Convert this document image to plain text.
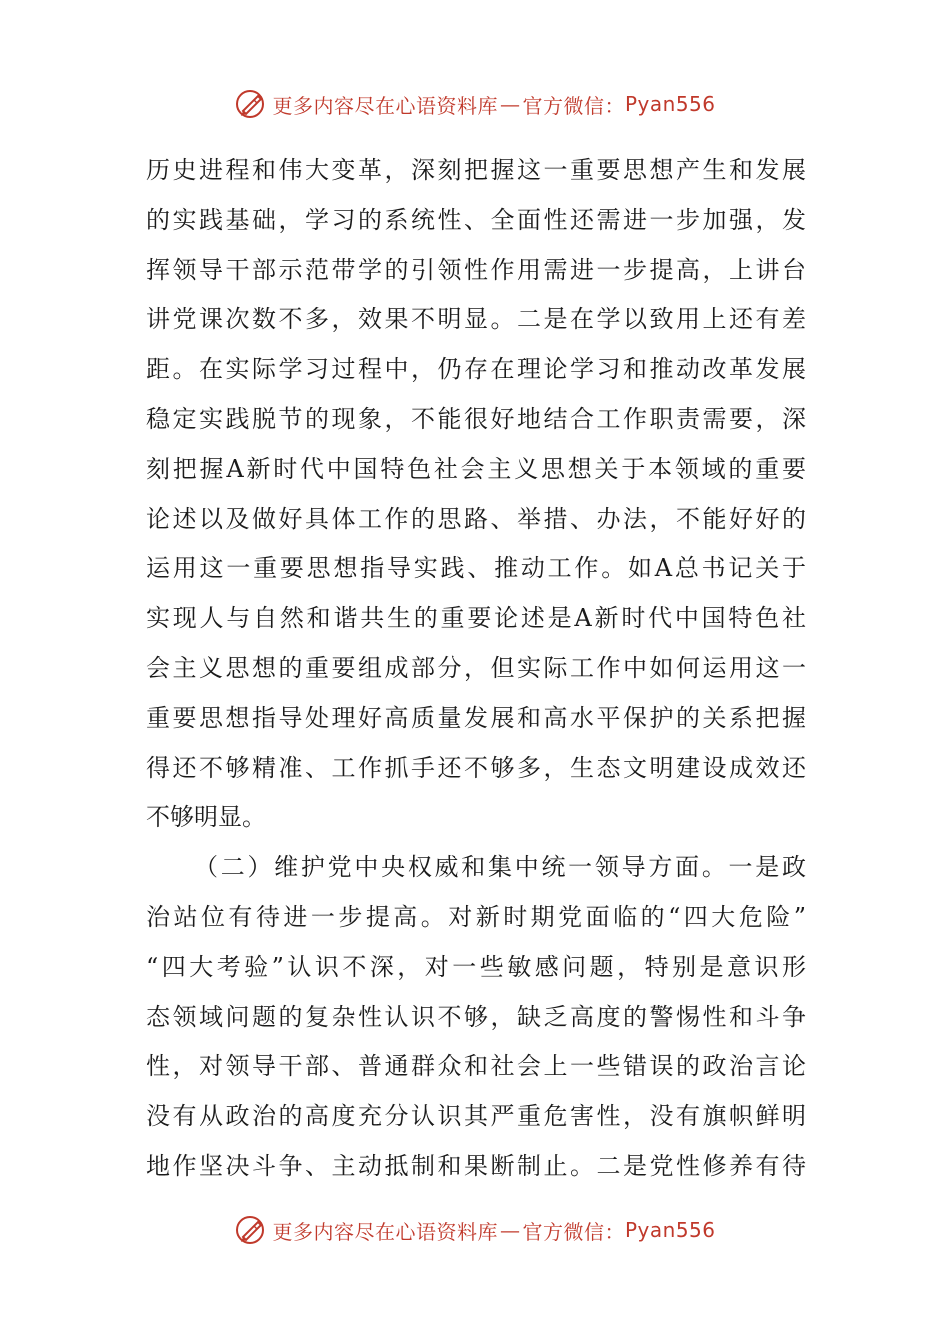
更多内容尽在心语资料库 — 官方微信： Pyan556
历史进程和伟大变革，深刻把握这一重要思想产生和发展
的实践基础，学习的系统性、全面性还需进一步加强，发
挥领导干部示范带学的引领性作用需进一步提高，上讲台
讲党课次数不多，效果不明显。二是在学以致用上还有差
距。在实际学习过程中，仍存在理论学习和推动改革发展
稳定实践脱节的现象，不能很好地结合工作职责需要，深
刻把握A新时代中国特色社会主义思想关于本领域的重要
论述以及做好具体工作的思路、举措、办法，不能好好的
运用这一重要思想指导实践、推动工作。如A总书记关于
实现人与自然和谐共生的重要论述是A新时代中国特色社
会主义思想的重要组成部分，但实际工作中如何运用这一
重要思想指导处理好高质量发展和高水平保护的关系把握
得还不够精准、工作抓手还不够多，生态文明建设成效还
不够明显。
（二）维护党中央权威和集中统一领导方面。一是政
治站位有待进一步提高。对新时期党面临的“四大危险”
“四大考验”认识不深，对一些敏感问题，特别是意识形
态领域问题的复杂性认识不够，缺乏高度的警惕性和斗争
性，对领导干部、普通群众和社会上一些错误的政治言论
没有从政治的高度充分认识其严重危害性，没有旗帜鲜明
地作坚决斗争、主动抵制和果断制止。二是党性修养有待
更多内容尽在心语资料库 — 官方微信： Pyan556
